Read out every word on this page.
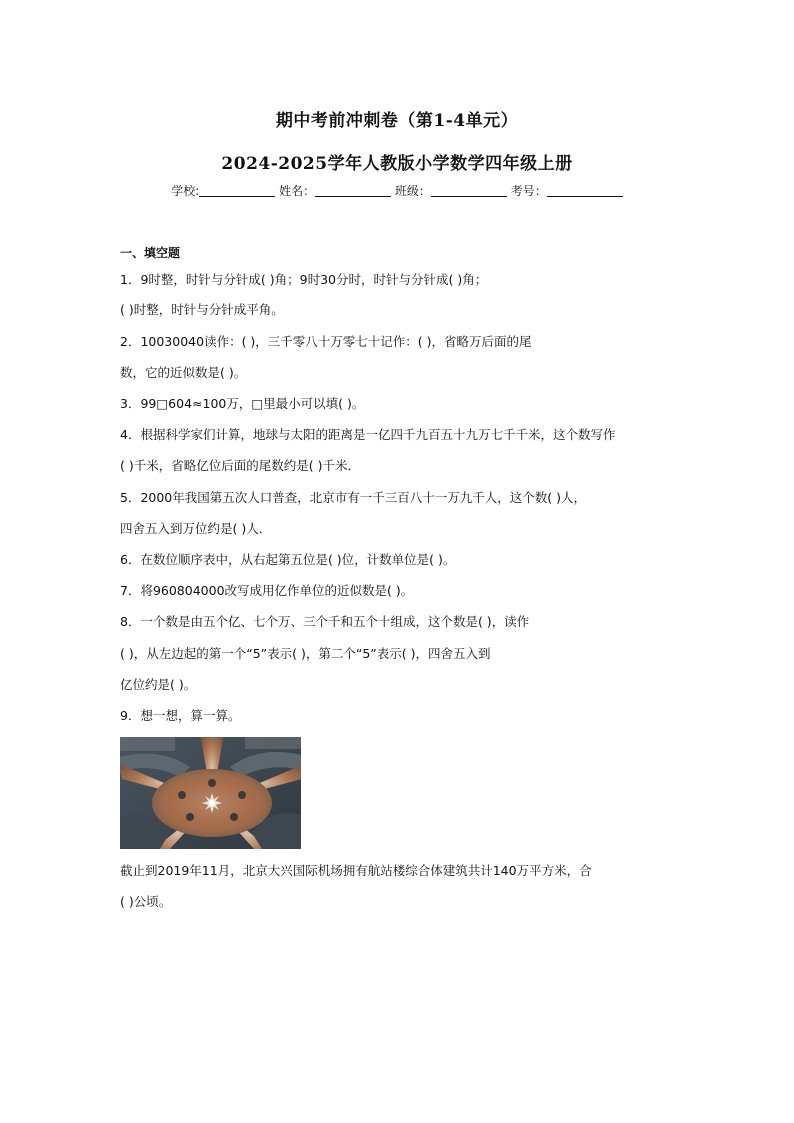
期中考前冲刺卷（第1-4单元）
2024-2025学年人教版小学数学四年级上册
学校:	姓名：	班级：	考号：
一、填空题
1．9时整，时针与分针成( )角；9时30分时，时针与分针成( )角；
( )时整，时针与分针成平角。
2．10030040读作：( )，三千零八十万零七十记作：( )，省略万后面的尾
数，它的近似数是( )。
3．99□604≈100万，□里最小可以填( )。
4．根据科学家们计算，地球与太阳的距离是一亿四千九百五十九万七千千米，这个数写作
( )千米，省略亿位后面的尾数约是( )千米．
5．2000年我国第五次人口普查，北京市有一千三百八十一万九千人，这个数( )人，
四舍五入到万位约是( )人．
6．在数位顺序表中，从右起第五位是( )位，计数单位是( )。
7．将960804000改写成用亿作单位的近似数是( )。
8．一个数是由五个亿、七个万、三个千和五个十组成，这个数是( )，读作
( )，从左边起的第一个“5”表示( )，第二个“5”表示( )，四舍五入到
亿位约是( )。
9．想一想，算一算。
截止到2019年11月，北京大兴国际机场拥有航站楼综合体建筑共计140万平方米，合
( )公顷。
